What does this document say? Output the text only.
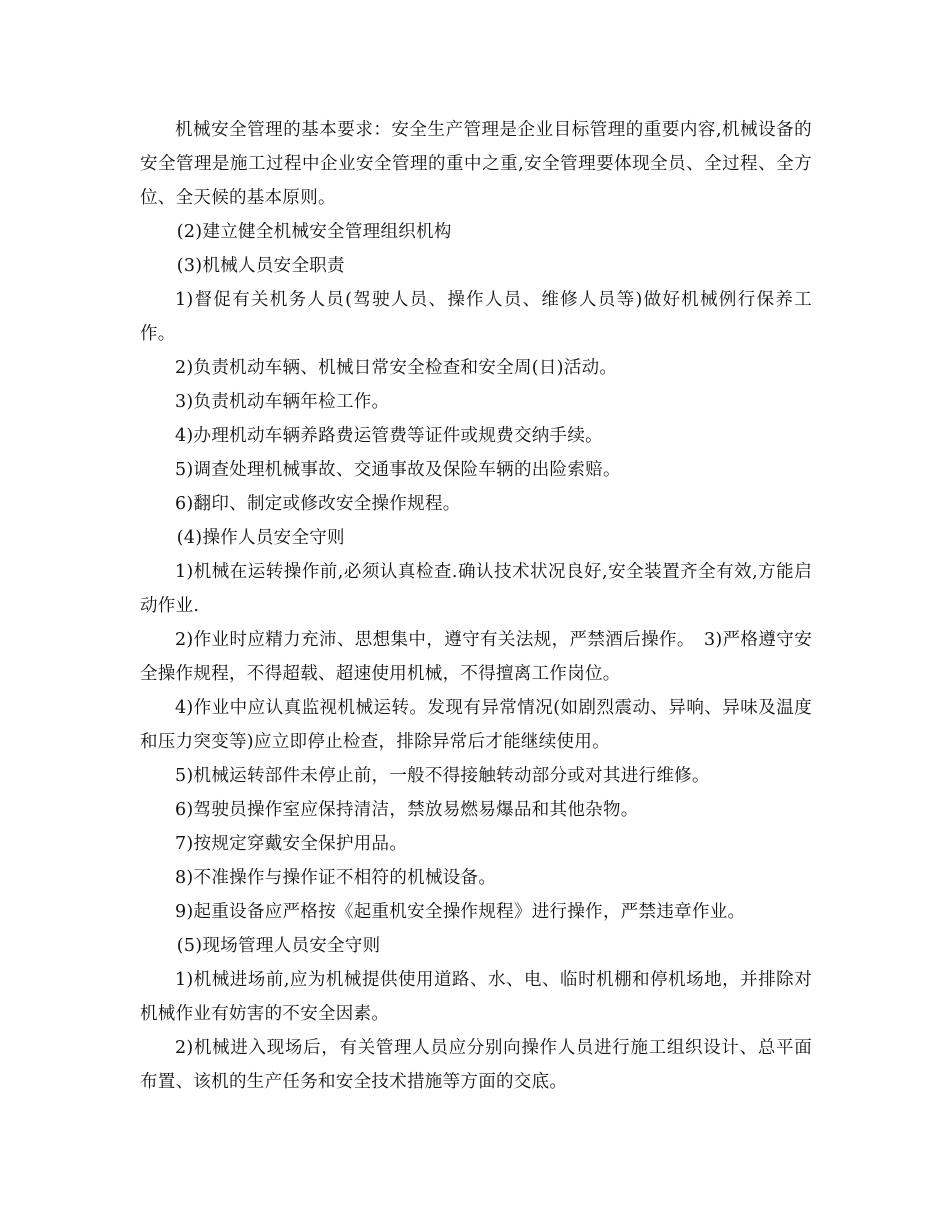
机械安全管理的基本要求：安全生产管理是企业目标管理的重要内容,机械设备的安全管理是施工过程中企业安全管理的重中之重,安全管理要体现全员、全过程、全方位、全天候的基本原则。

(2)建立健全机械安全管理组织机构

(3)机械人员安全职责

1)督促有关机务人员(驾驶人员、操作人员、维修人员等)做好机械例行保养工作。

2)负责机动车辆、机械日常安全检查和安全周(日)活动。

3)负责机动车辆年检工作。

4)办理机动车辆养路费运管费等证件或规费交纳手续。

5)调查处理机械事故、交通事故及保险车辆的出险索赔。

6)翻印、制定或修改安全操作规程。

(4)操作人员安全守则

1)机械在运转操作前,必须认真检查.确认技术状况良好,安全装置齐全有效,方能启动作业.

2)作业时应精力充沛、思想集中，遵守有关法规，严禁酒后操作。　3)严格遵守安全操作规程，不得超载、超速使用机械，不得擅离工作岗位。

4)作业中应认真监视机械运转。发现有异常情况(如剧烈震动、异响、异味及温度和压力突变等)应立即停止检查，排除异常后才能继续使用。

5)机械运转部件未停止前，一般不得接触转动部分或对其进行维修。

6)驾驶员操作室应保持清洁，禁放易燃易爆品和其他杂物。

7)按规定穿戴安全保护用品。

8)不准操作与操作证不相符的机械设备。

9)起重设备应严格按《起重机安全操作规程》进行操作，严禁违章作业。

(5)现场管理人员安全守则

1)机械进场前,应为机械提供使用道路、水、电、临时机棚和停机场地，并排除对机械作业有妨害的不安全因素。

2)机械进入现场后，有关管理人员应分别向操作人员进行施工组织设计、总平面布置、该机的生产任务和安全技术措施等方面的交底。
